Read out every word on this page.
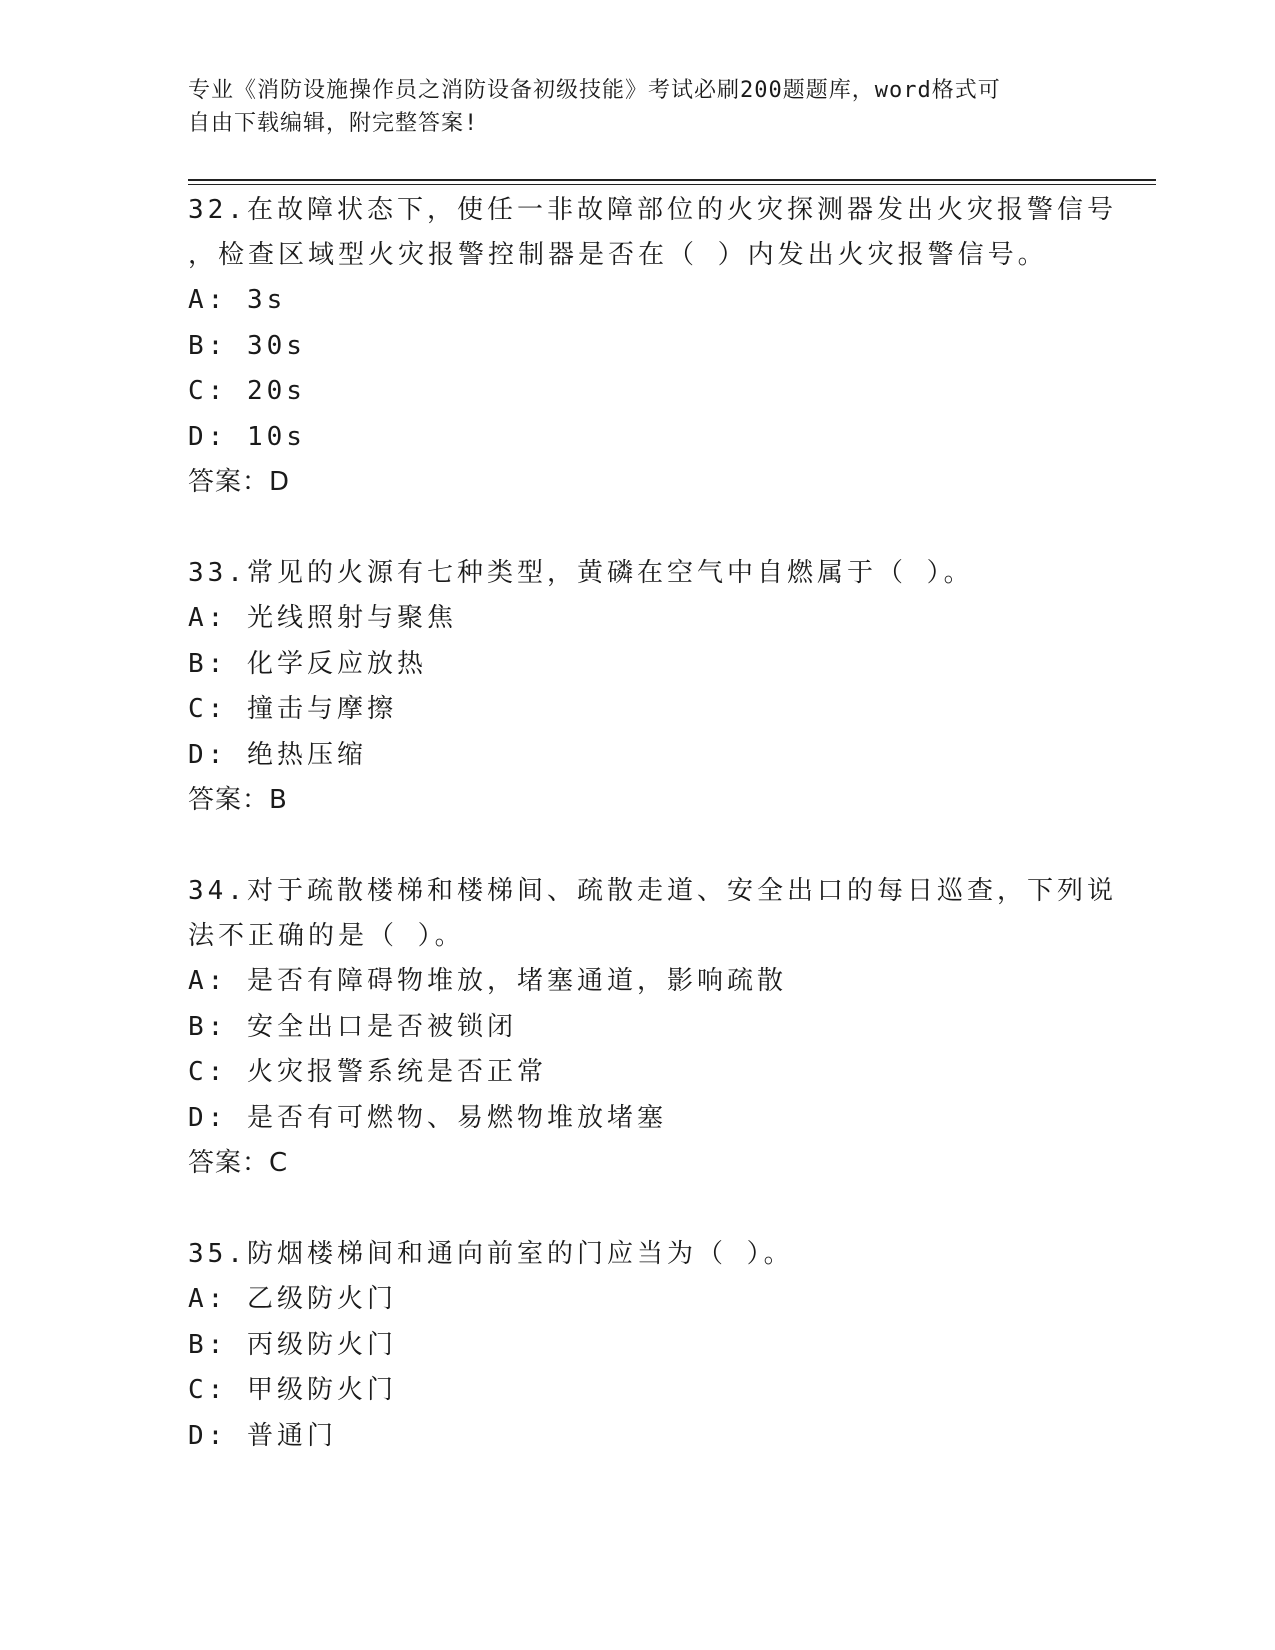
专业《消防设施操作员之消防设备初级技能》考试必刷200题题库，word格式可
自由下载编辑，附完整答案!
32.在故障状态下，使任一非故障部位的火灾探测器发出火灾报警信号
，检查区域型火灾报警控制器是否在（ ）内发出火灾报警信号。
A: 3s
B: 30s
C: 20s
D: 10s
答案：D
33.常见的火源有七种类型，黄磷在空气中自燃属于（ ）。
A: 光线照射与聚焦
B: 化学反应放热
C: 撞击与摩擦
D: 绝热压缩
答案：B
34.对于疏散楼梯和楼梯间、疏散走道、安全出口的每日巡查，下列说
法不正确的是（ ）。
A: 是否有障碍物堆放，堵塞通道，影响疏散
B: 安全出口是否被锁闭
C: 火灾报警系统是否正常
D: 是否有可燃物、易燃物堆放堵塞
答案：C
35.防烟楼梯间和通向前室的门应当为（ ）。
A: 乙级防火门
B: 丙级防火门
C: 甲级防火门
D: 普通门
